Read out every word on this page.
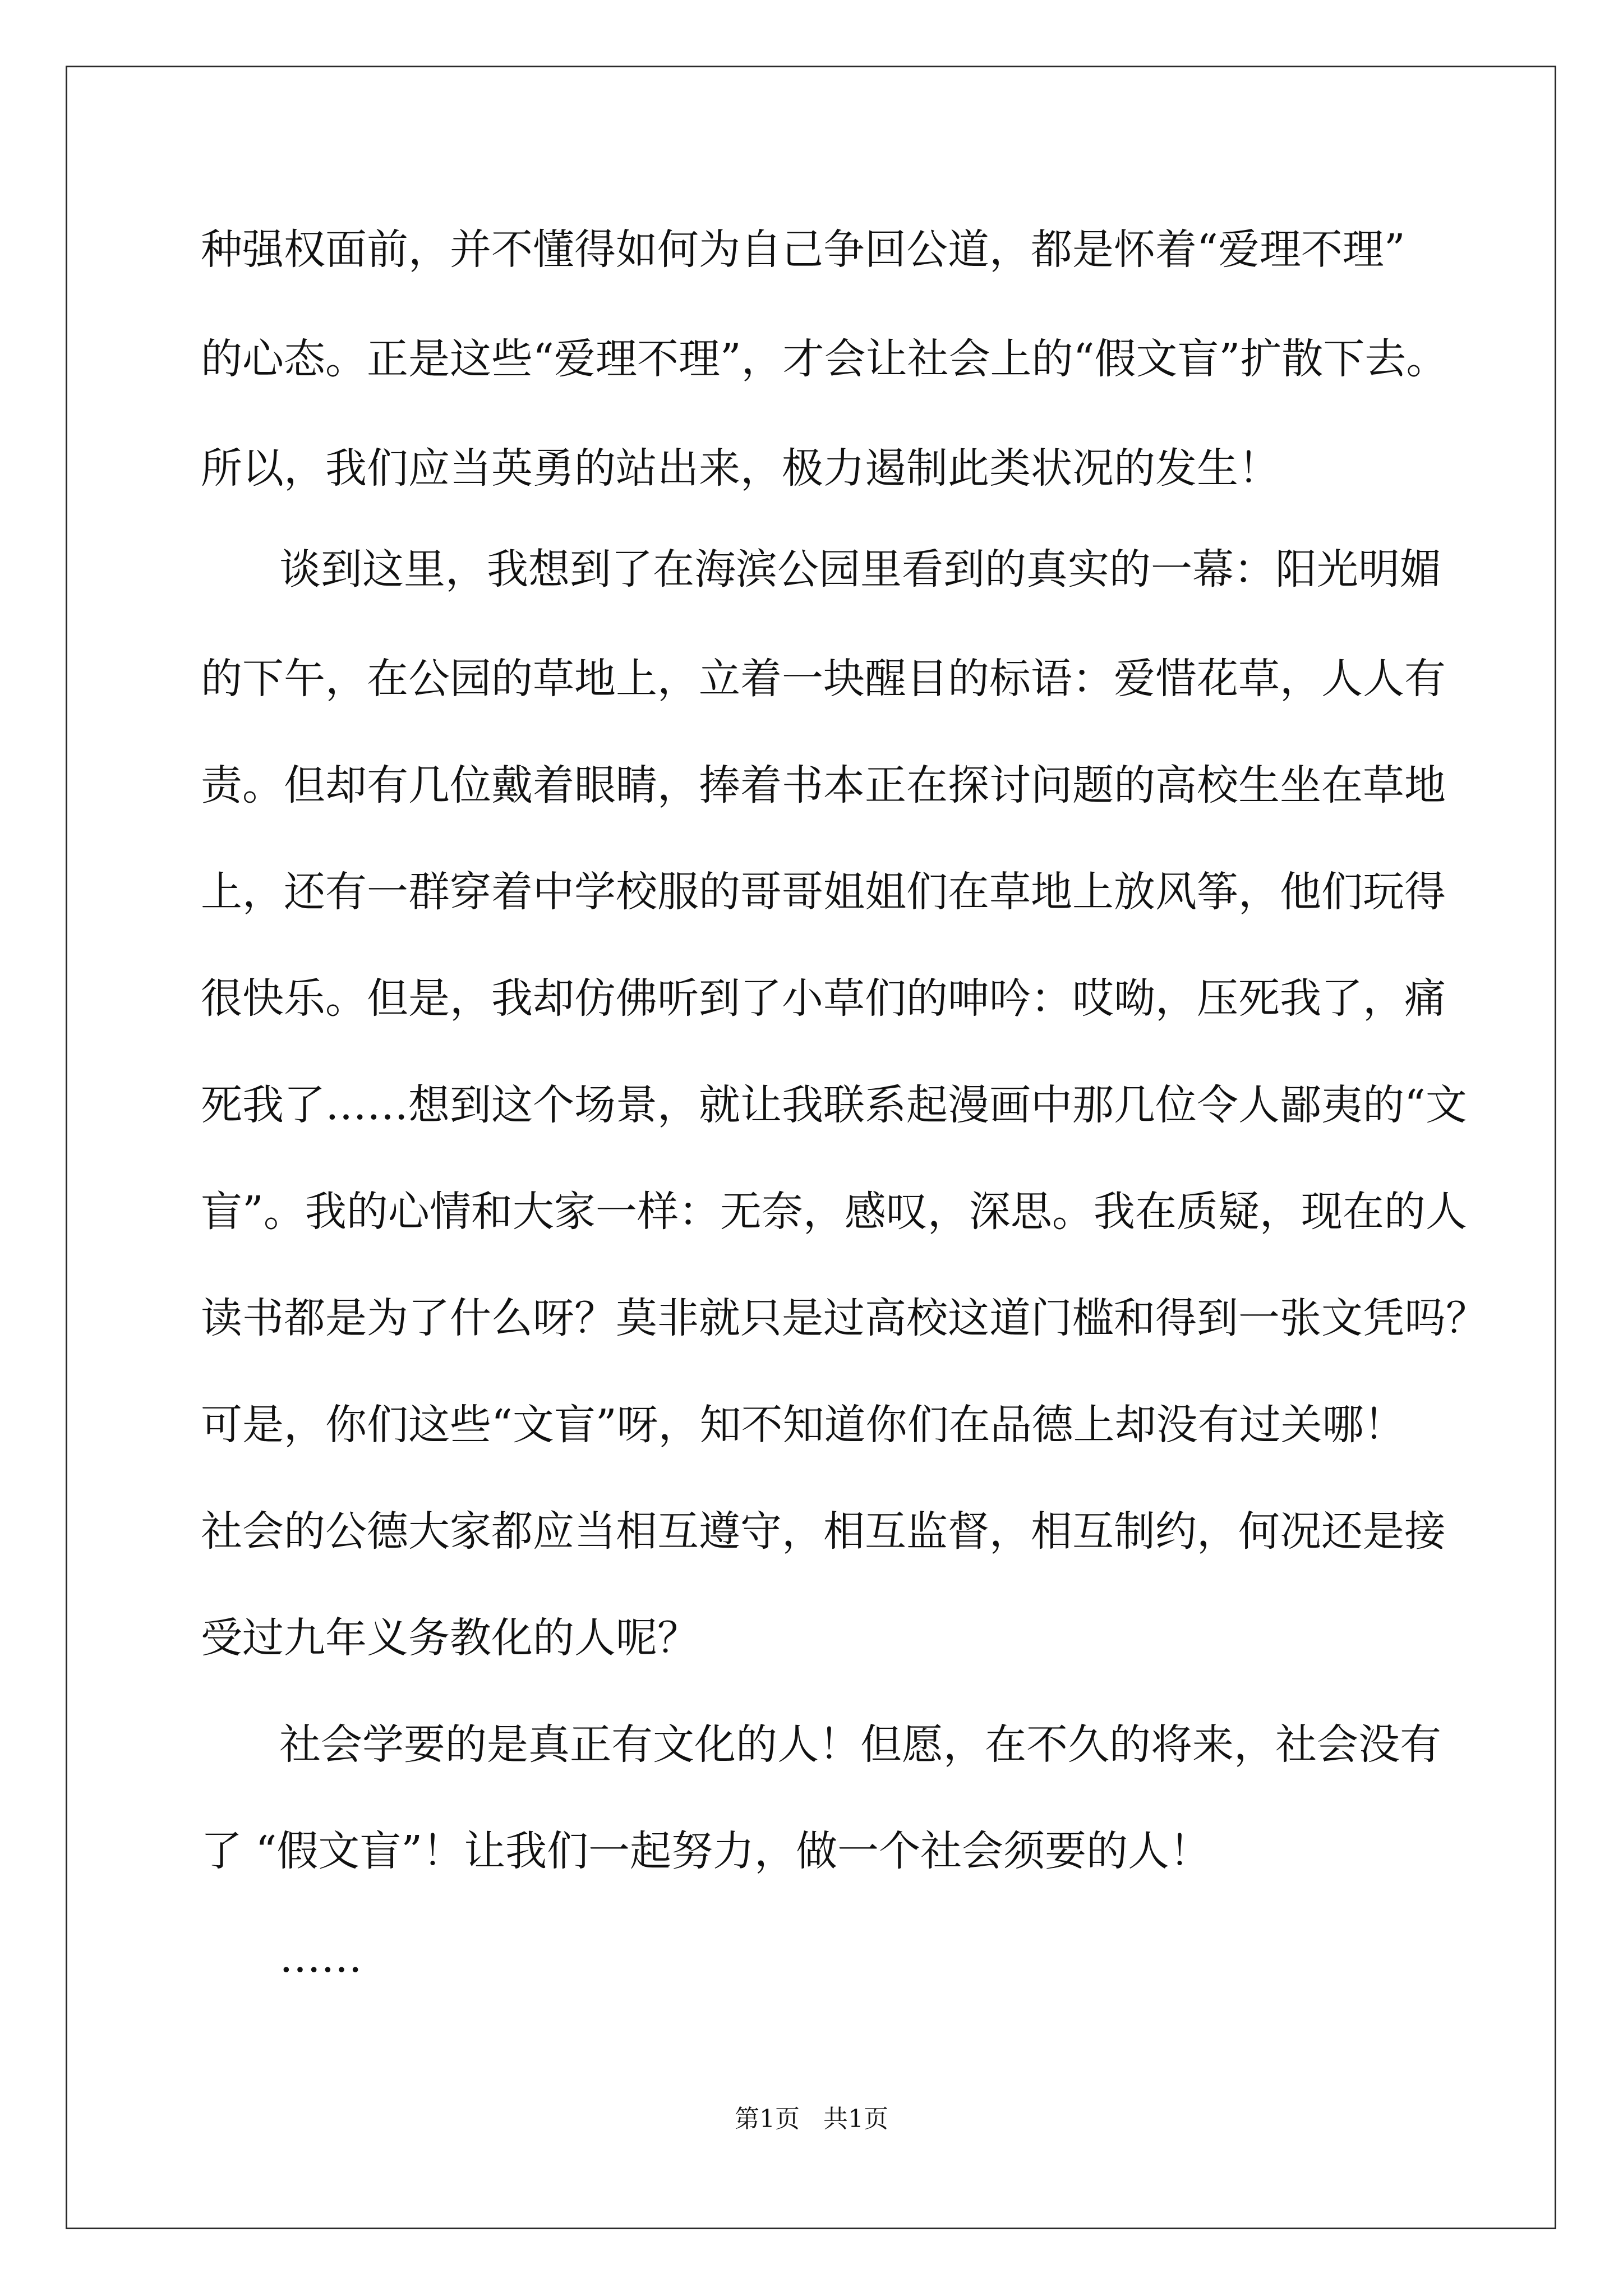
种强权面前，并不懂得如何为自己争回公道，都是怀着“爱理不理”
的心态。正是这些“爱理不理”，才会让社会上的“假文盲”扩散下去。
所以，我们应当英勇的站出来，极力遏制此类状况的发生！
谈到这里，我想到了在海滨公园里看到的真实的一幕：阳光明媚
的下午，在公园的草地上，立着一块醒目的标语：爱惜花草，人人有
责。但却有几位戴着眼睛，捧着书本正在探讨问题的高校生坐在草地
上，还有一群穿着中学校服的哥哥姐姐们在草地上放风筝，他们玩得
很快乐。但是，我却仿佛听到了小草们的呻吟：哎呦，压死我了，痛
死我了……想到这个场景，就让我联系起漫画中那几位令人鄙夷的“文
盲”。我的心情和大家一样：无奈，感叹，深思。我在质疑，现在的人
读书都是为了什么呀？莫非就只是过高校这道门槛和得到一张文凭吗？
可是，你们这些“文盲”呀，知不知道你们在品德上却没有过关哪！
社会的公德大家都应当相互遵守，相互监督，相互制约，何况还是接
受过九年义务教化的人呢？
社会学要的是真正有文化的人！但愿，在不久的将来，社会没有
了 “假文盲”！让我们一起努力，做一个社会须要的人！
……
第1页   共1页
